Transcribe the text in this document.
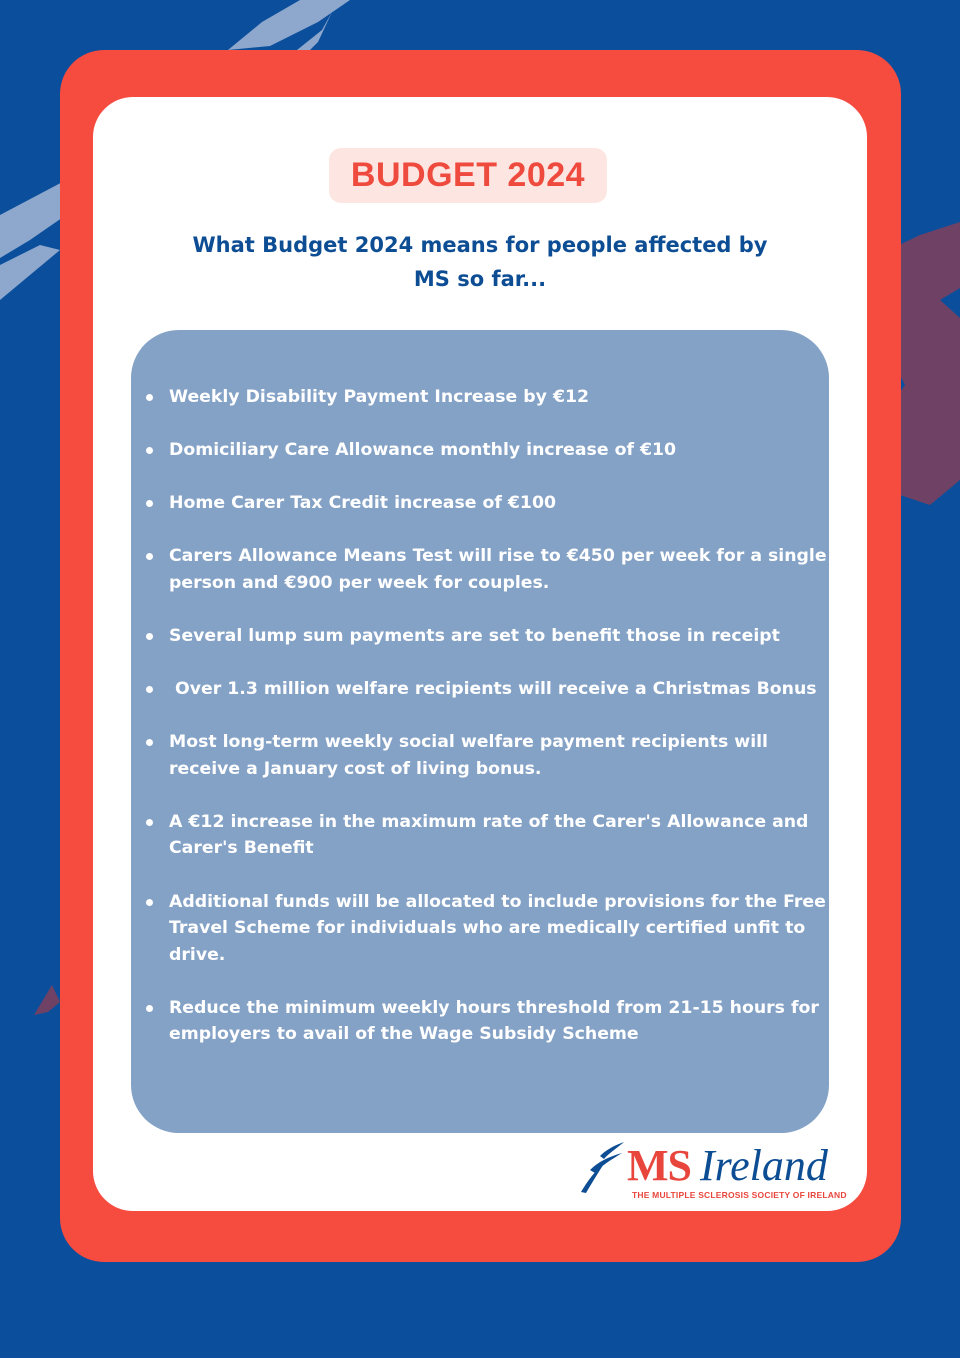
BUDGET 2024
What Budget 2024 means for people affected by
MS so far...
Weekly Disability Payment Increase by €12
Domiciliary Care Allowance monthly increase of €10
Home Carer Tax Credit increase of €100
Carers Allowance Means Test will rise to €450 per week for a single person and €900 per week for couples.
Several lump sum payments are set to benefit those in receipt
Over 1.3 million welfare recipients will receive a Christmas Bonus
Most long-term weekly social welfare payment recipients will receive a January cost of living bonus.
A €12 increase in the maximum rate of the Carer's Allowance and Carer's Benefit
Additional funds will be allocated to include provisions for the Free Travel Scheme for individuals who are medically certified unfit to drive.
Reduce the minimum weekly hours threshold from 21-15 hours for employers to avail of the Wage Subsidy Scheme
MS Ireland
THE MULTIPLE SCLEROSIS SOCIETY OF IRELAND
